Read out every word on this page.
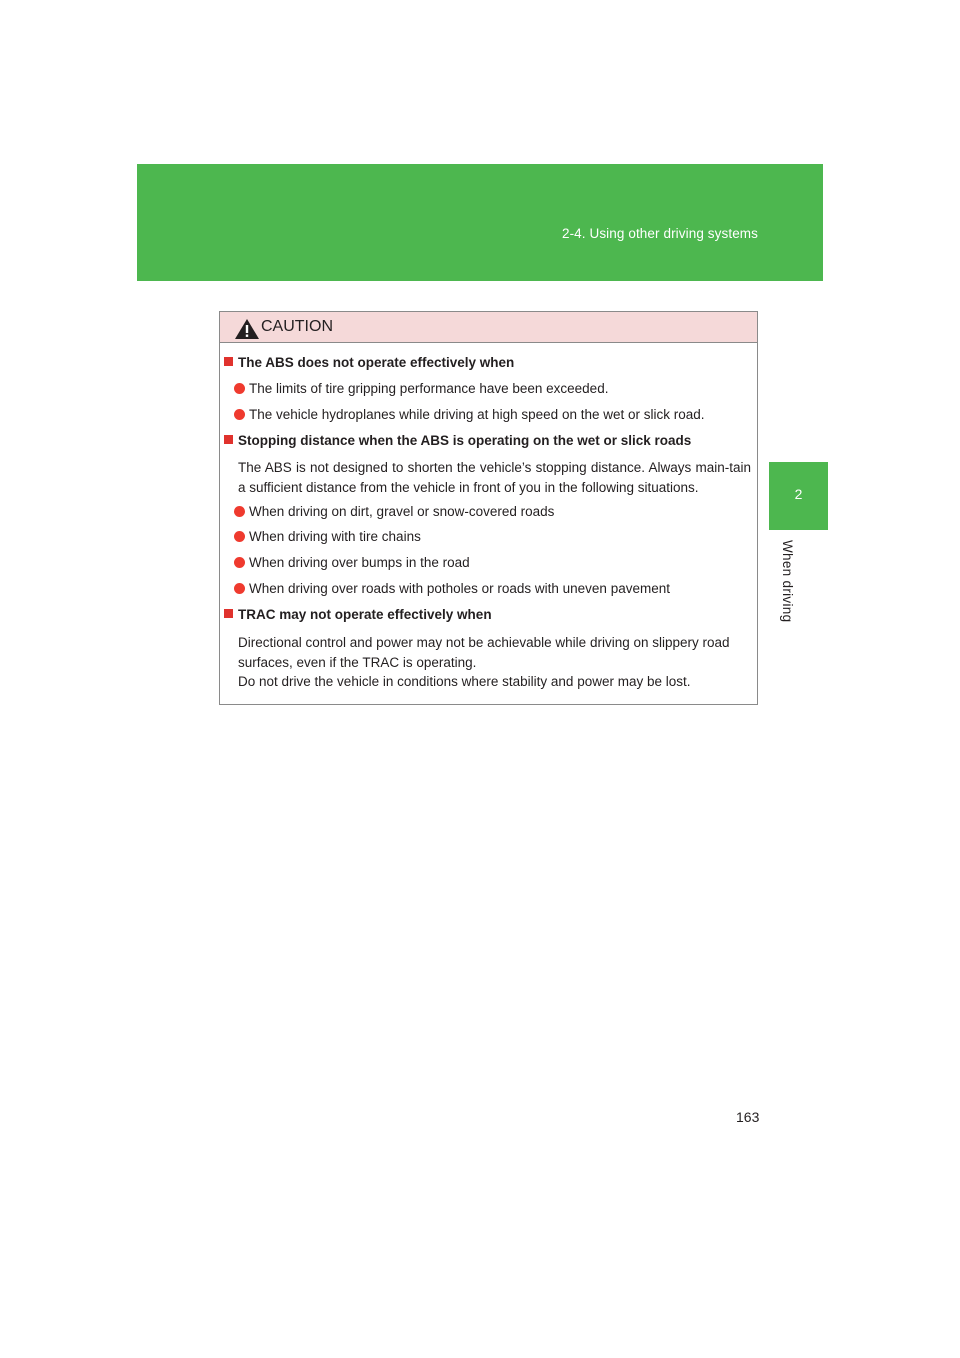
2-4. Using other driving systems
2
When driving
CAUTION
The ABS does not operate effectively when
The limits of tire gripping performance have been exceeded.
The vehicle hydroplanes while driving at high speed on the wet or slick road.
Stopping distance when the ABS is operating on the wet or slick roads
The ABS is not designed to shorten the vehicle’s stopping distance. Always main-tain a sufficient distance from the vehicle in front of you in the following situations.
When driving on dirt, gravel or snow-covered roads
When driving with tire chains
When driving over bumps in the road
When driving over roads with potholes or roads with uneven pavement
TRAC may not operate effectively when
Directional control and power may not be achievable while driving on slippery road surfaces, even if the TRAC is operating.
Do not drive the vehicle in conditions where stability and power may be lost.
163
